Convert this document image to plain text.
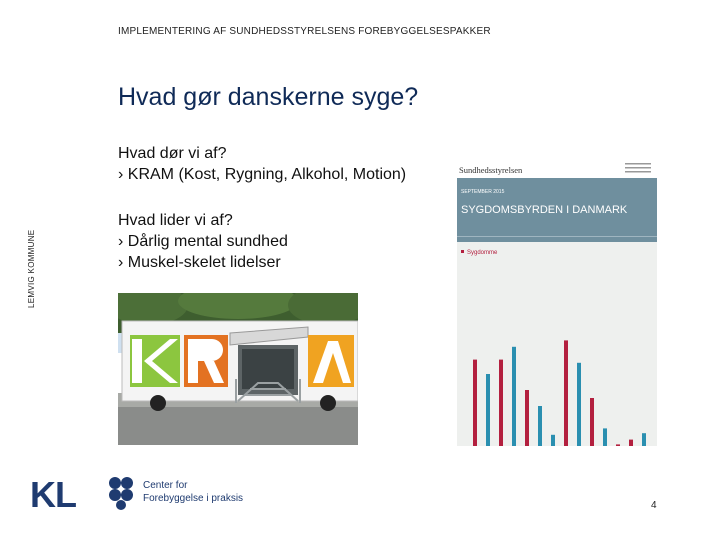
IMPLEMENTERING AF SUNDHEDSSTYRELSENS FOREBYGGELSESPAKKER
LEMVIG KOMMUNE
Hvad gør danskerne syge?
Hvad dør vi af?
› KRAM (Kost, Rygning, Alkohol, Motion)
Hvad lider vi af?
› Dårlig mental sundhed
› Muskel-skelet lidelser
Sundhedsstyrelsen
SEPTEMBER 2015
SYGDOMSBYRDEN I DANMARK
Sygdomme
KL	Center for
Forebyggelse i praksis
4
